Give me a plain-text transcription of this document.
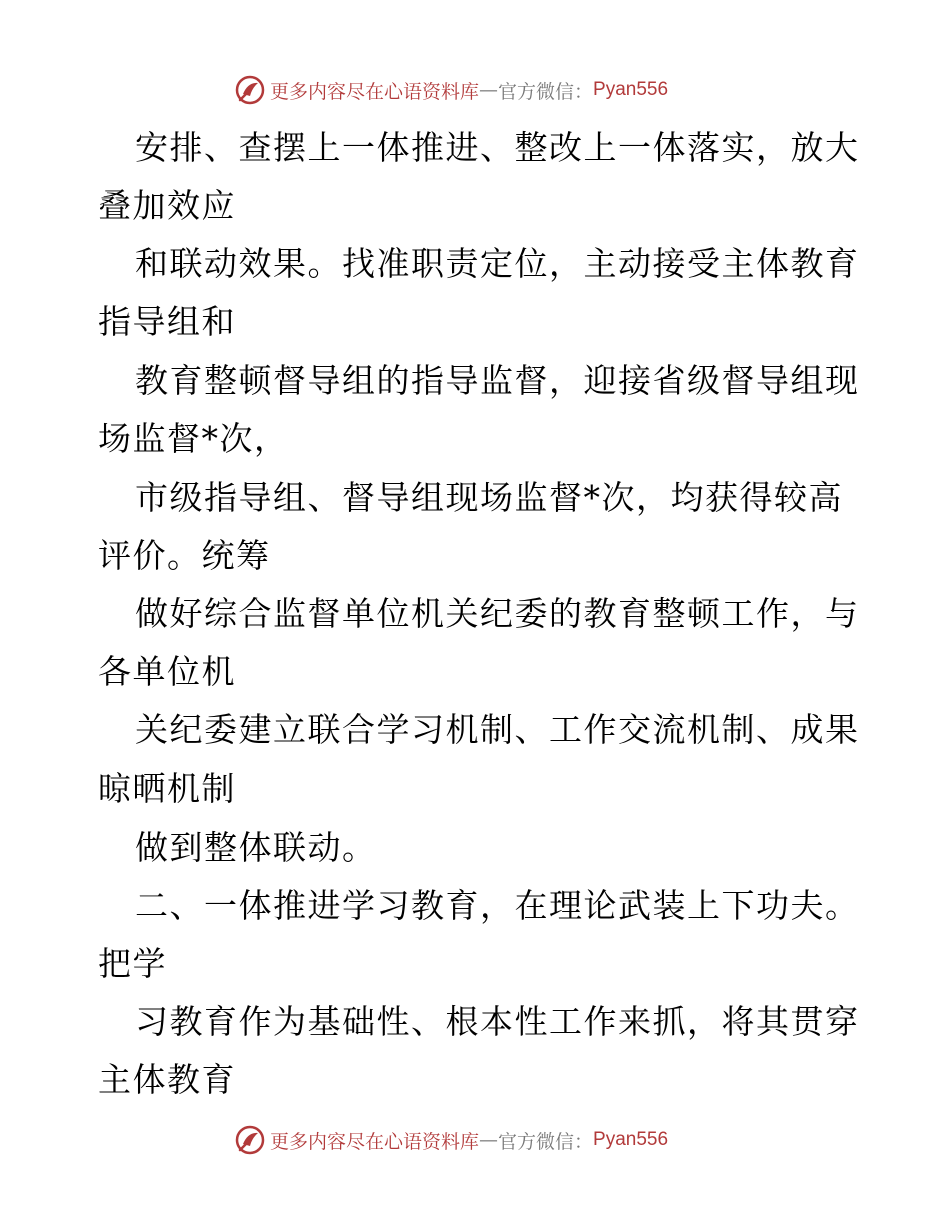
更多内容尽在心语资料库 — 官方微信： Pyan556
安排、查摆上一体推进、整改上一体落实，放大
叠加效应
和联动效果。找准职责定位，主动接受主体教育
指导组和
教育整顿督导组的指导监督，迎接省级督导组现
场监督*次，
市级指导组、督导组现场监督*次，均获得较高
评价。统筹
做好综合监督单位机关纪委的教育整顿工作，与
各单位机
关纪委建立联合学习机制、工作交流机制、成果
晾晒机制
做到整体联动。
二、一体推进学习教育，在理论武装上下功夫。
把学
习教育作为基础性、根本性工作来抓，将其贯穿
主体教育
更多内容尽在心语资料库 — 官方微信： Pyan556
